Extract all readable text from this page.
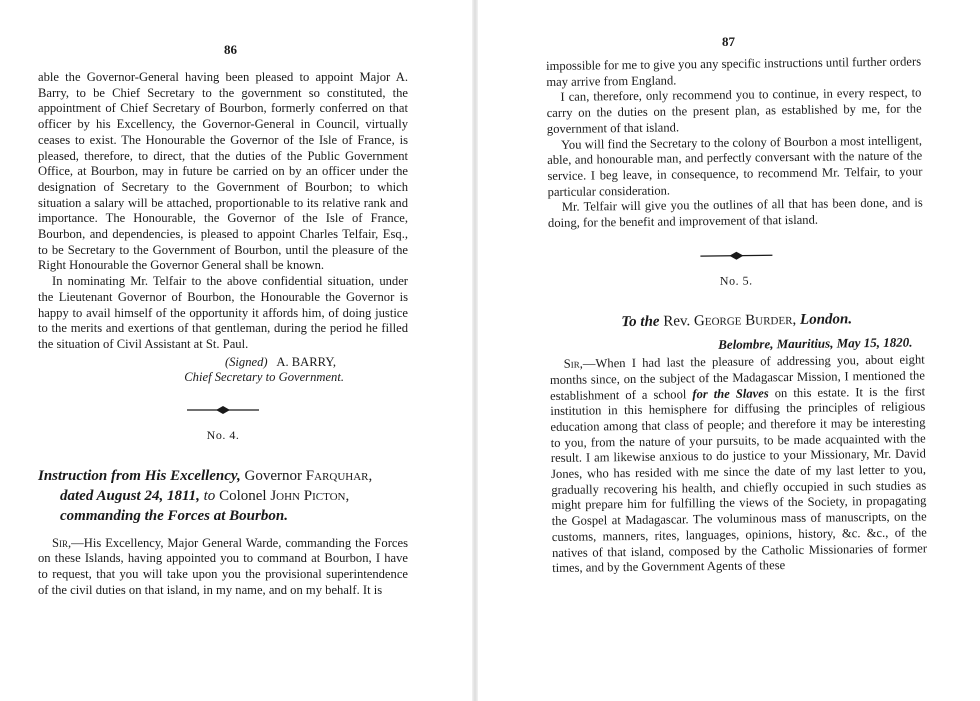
86

able the Governor-General having been pleased to appoint Major A. Barry, to be Chief Secretary to the government so constituted, the appointment of Chief Secretary of Bourbon, formerly conferred on that officer by his Excellency, the Governor-General in Council, virtually ceases to exist. The Honourable the Governor of the Isle of France, is pleased, therefore, to direct, that the duties of the Public Government Office, at Bourbon, may in future be carried on by an officer under the designation of Secretary to the Government of Bourbon; to which situation a salary will be attached, proportionable to its relative rank and importance. The Honourable, the Governor of the Isle of France, Bourbon, and dependencies, is pleased to appoint Charles Telfair, Esq., to be Secretary to the Government of Bourbon, until the pleasure of the Right Honourable the Governor General shall be known.

In nominating Mr. Telfair to the above confidential situation, under the Lieutenant Governor of Bourbon, the Honourable the Governor is happy to avail himself of the opportunity it affords him, of doing justice to the merits and exertions of that gentleman, during the period he filled the situation of Civil Assistant at St. Paul.

(Signed) A. BARRY,

Chief Secretary to Government.

No. 4.

Instruction from His Excellency, Governor Farquhar, dated August 24, 1811, to Colonel John Picton, commanding the Forces at Bourbon.

Sir,—His Excellency, Major General Warde, commanding the Forces on these Islands, having appointed you to command at Bourbon, I have to request, that you will take upon you the provisional superintendence of the civil duties on that island, in my name, and on my behalf. It is

87

impossible for me to give you any specific instructions until further orders may arrive from England.

I can, therefore, only recommend you to continue, in every respect, to carry on the duties on the present plan, as established by me, for the government of that island.

You will find the Secretary to the colony of Bourbon a most intelligent, able, and honourable man, and perfectly conversant with the nature of the service. I beg leave, in consequence, to recommend Mr. Telfair, to your particular consideration.

Mr. Telfair will give you the outlines of all that has been done, and is doing, for the benefit and improvement of that island.

No. 5.

To the Rev. George Burder, London.

Belombre, Mauritius, May 15, 1820.

Sir,—When I had last the pleasure of addressing you, about eight months since, on the subject of the Madagascar Mission, I mentioned the establishment of a school for the Slaves on this estate. It is the first institution in this hemisphere for diffusing the principles of religious education among that class of people; and therefore it may be interesting to you, from the nature of your pursuits, to be made acquainted with the result. I am likewise anxious to do justice to your Missionary, Mr. David Jones, who has resided with me since the date of my last letter to you, gradually recovering his health, and chiefly occupied in such studies as might prepare him for fulfilling the views of the Society, in propagating the Gospel at Madagascar. The voluminous mass of manuscripts, on the customs, manners, rites, languages, opinions, history, &c. &c., of the natives of that island, composed by the Catholic Missionaries of former times, and by the Government Agents of these
